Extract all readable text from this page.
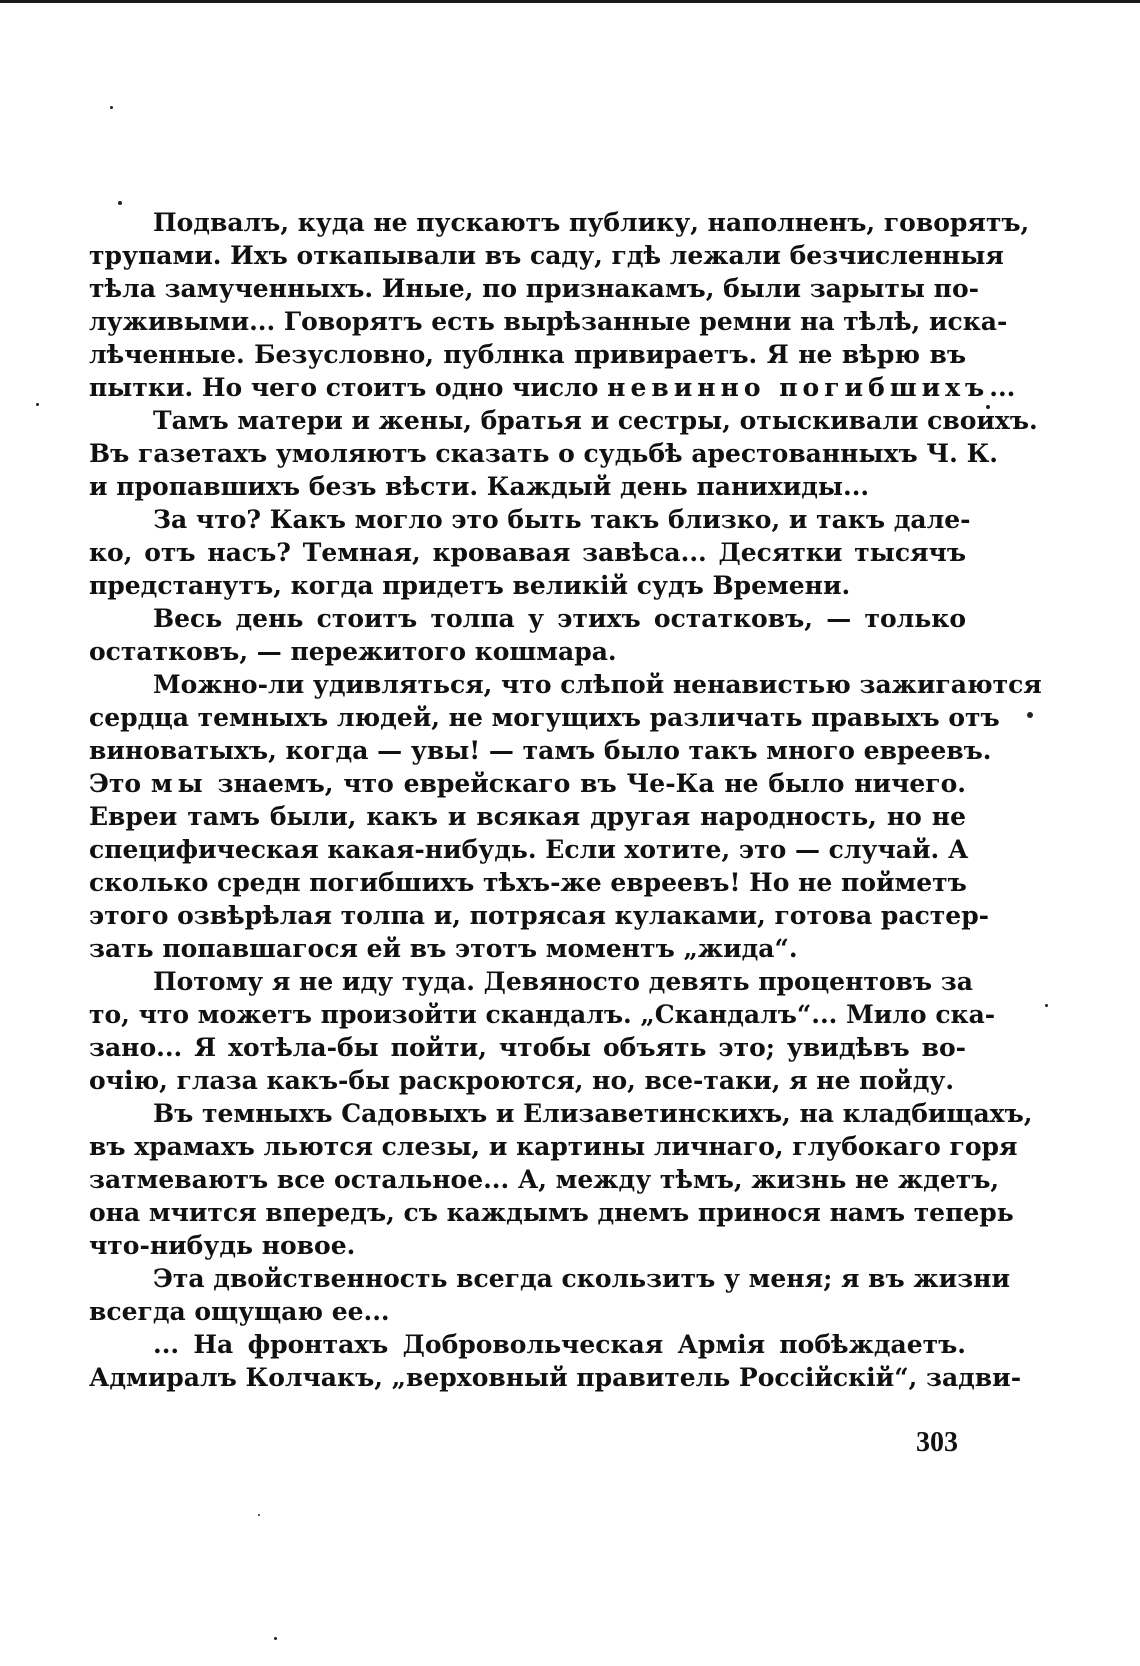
Подвалъ, куда не пускаютъ публику, наполненъ, говорятъ,
трупами. Ихъ откапывали въ саду, гдѣ лежали безчисленныя
тѣла замученныхъ. Иные, по признакамъ, были зарыты по-
луживыми... Говорятъ есть вырѣзанные ремни на тѣлѣ, иска-
лѣченные. Безусловно, публнка привираетъ. Я не вѣрю въ
пытки. Но чего стоитъ одно число невинно погибшихъ...
Тамъ матери и жены, братья и сестры, отыскивали своихъ.
Въ газетахъ умоляютъ сказать о судьбѣ арестованныхъ Ч. К.
и пропавшихъ безъ вѣсти. Каждый день панихиды...
За что? Какъ могло это быть такъ близко, и такъ дале-
ко, отъ насъ? Темная, кровавая завѣса... Десятки тысячъ
предстанутъ, когда придетъ великій судъ Времени.
Весь день стоитъ толпа у этихъ остатковъ, — только
остатковъ, — пережитого кошмара.
Можно-ли удивляться, что слѣпой ненавистью зажигаются
сердца темныхъ людей, не могущихъ различать правыхъ отъ
виноватыхъ, когда — увы! — тамъ было такъ много евреевъ.
Это мы знаемъ, что еврейскаго въ Че-Ка не было ничего.
Евреи тамъ были, какъ и всякая другая народность, но не
специфическая какая-нибудь. Если хотите, это — случай. А
сколько средн погибшихъ тѣхъ-же евреевъ! Но не пойметъ
этого озвѣрѣлая толпа и, потрясая кулаками, готова растер-
зать попавшагося ей въ этотъ моментъ „жида“.
Потому я не иду туда. Девяносто девять процентовъ за
то, что можетъ произойти скандалъ. „Скандалъ“... Мило ска-
зано... Я хотѣла-бы пойти, чтобы объять это; увидѣвъ во-
очію, глаза какъ-бы раскроются, но, все-таки, я не пойду.
Въ темныхъ Садовыхъ и Елизаветинскихъ, на кладбищахъ,
въ храмахъ льются слезы, и картины личнаго, глубокаго горя
затмеваютъ все остальное... А, между тѣмъ, жизнь не ждетъ,
она мчится впередъ, съ каждымъ днемъ принося намъ теперь
что-нибудь новое.
Эта двойственность всегда скользитъ у меня; я въ жизни
всегда ощущаю ее...
... На фронтахъ Добровольческая Армія побѣждаетъ.
Адмиралъ Колчакъ, „верховный правитель Россійскій“, задви-
303
